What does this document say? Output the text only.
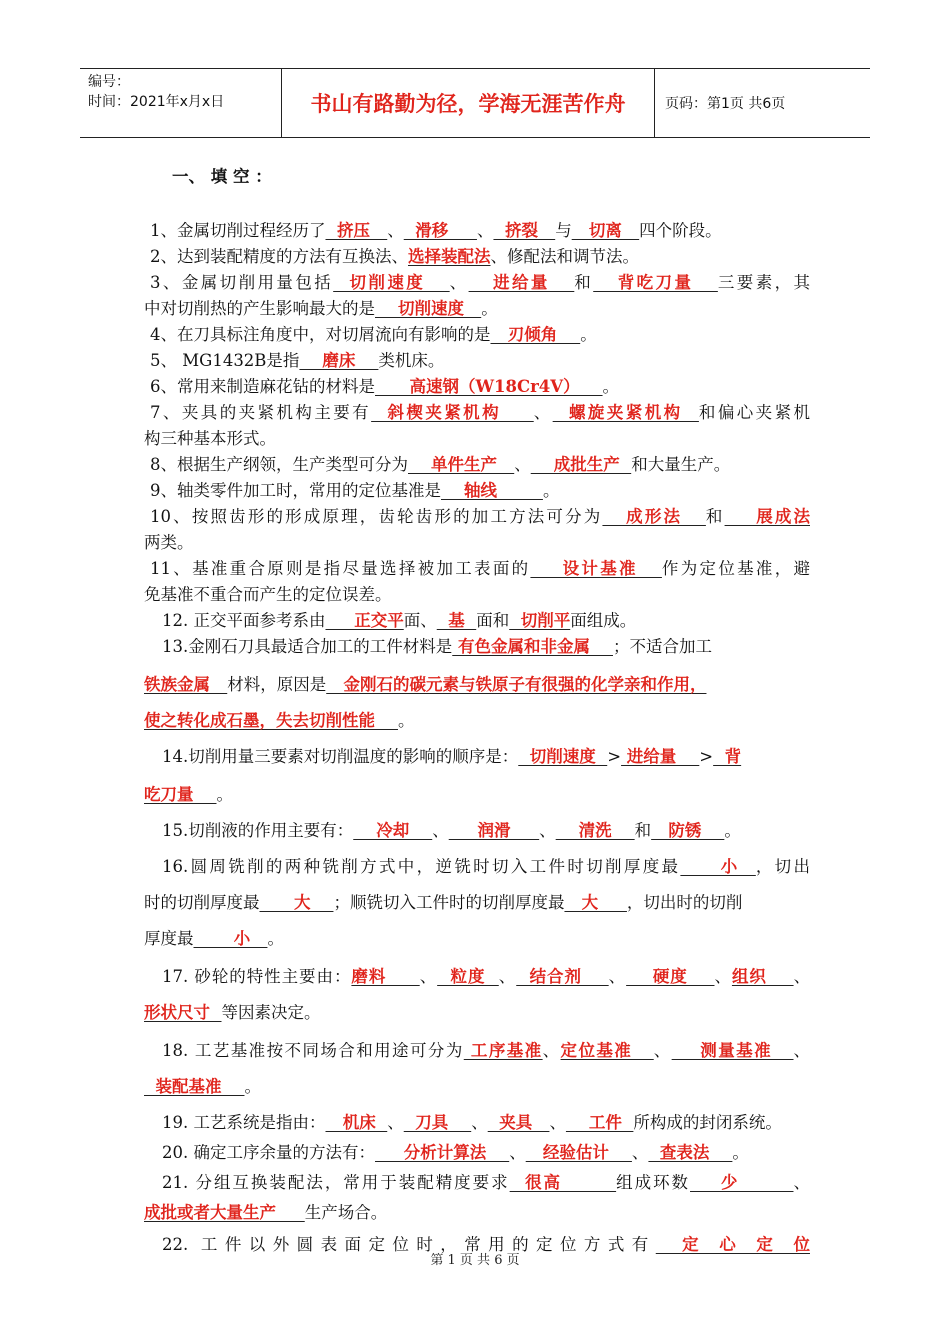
编号：
时间：2021年x月x日	书山有路勤为径，学海无涯苦作舟	页码：第1页 共6页
一、 填 空 ：
1、金属切削过程经历了  挤压   、  滑移     、  挤裂   与   切离   四个阶段。
2、达到装配精度的方法有互换法、选择装配法、修配法和调节法。
3、金属切削用量包括  切削速度   、   进给量   和   背吃刀量   三要素，其
中对切削热的产生影响最大的是    切削速度   。
4、在刀具标注角度中，对切屑流向有影响的是   刃倾角    。
5、 MG1432B是指    磨床    类机床。
6、常用来制造麻花钻的材料是      高速钢（W18Cr4V）    。
7、夹具的夹紧机构主要有  斜楔夹紧机构    、  螺旋夹紧机构  和偏心夹紧机
构三种基本形式。
8、根据生产纲领，生产类型可分为    单件生产   、    成批生产  和大量生产。
9、轴类零件加工时，常用的定位基准是    轴线        。
10、按照齿形的形成原理，齿轮齿形的加工方法可分为   成形法   和    展成法
两类。
11、基准重合原则是指尽量选择被加工表面的    设计基准   作为定位基准，避
免基准不重合而产生的定位误差。
12. 正交平面参考系由     正交平面、  基  面和  切削平面组成。
13.金刚石刀具最适合加工的工件材料是 有色金属和非金属    ；不适合加工
铁族金属   材料，原因是   金刚石的碳元素与铁原子有很强的化学亲和作用，
使之转化成石墨，失去切削性能    。
14.切削用量三要素对切削温度的影响的顺序是：  切削速度  > 进给量    >  背
吃刀量    。
15.切削液的作用主要有：    冷却    、     润滑     、    清洗    和   防锈    。
16.圆周铣削的两种铣削方式中，逆铣时切入工件时切削厚度最     小  ，切出
时的切削厚度最      大    ；顺铣切入工件时的切削厚度最   大     ，切出时的切削
厚度最       小   。
17. 砂轮的特性主要由：磨料     、  粒度  、  结合剂    、    硬度    、组织    、
形状尺寸  等因素决定。
18. 工艺基准按不同场合和用途可分为 工序基准、定位基准   、    测量基准   、
装配基准    。
19. 工艺系统是指由：   机床  、  刀具    、  夹具   、    工件  所构成的封闭系统。
20. 确定工序余量的方法有：     分析计算法    、   经验估计    、  查表法    。
21. 分组互换装配法，常用于装配精度要求  很高       组成环数    少       、
成批或者大量生产     生产场合。
22. 工件以外圆表面定位时，常用的定位方式有  定 心 定 位
第 1 页 共 6 页
